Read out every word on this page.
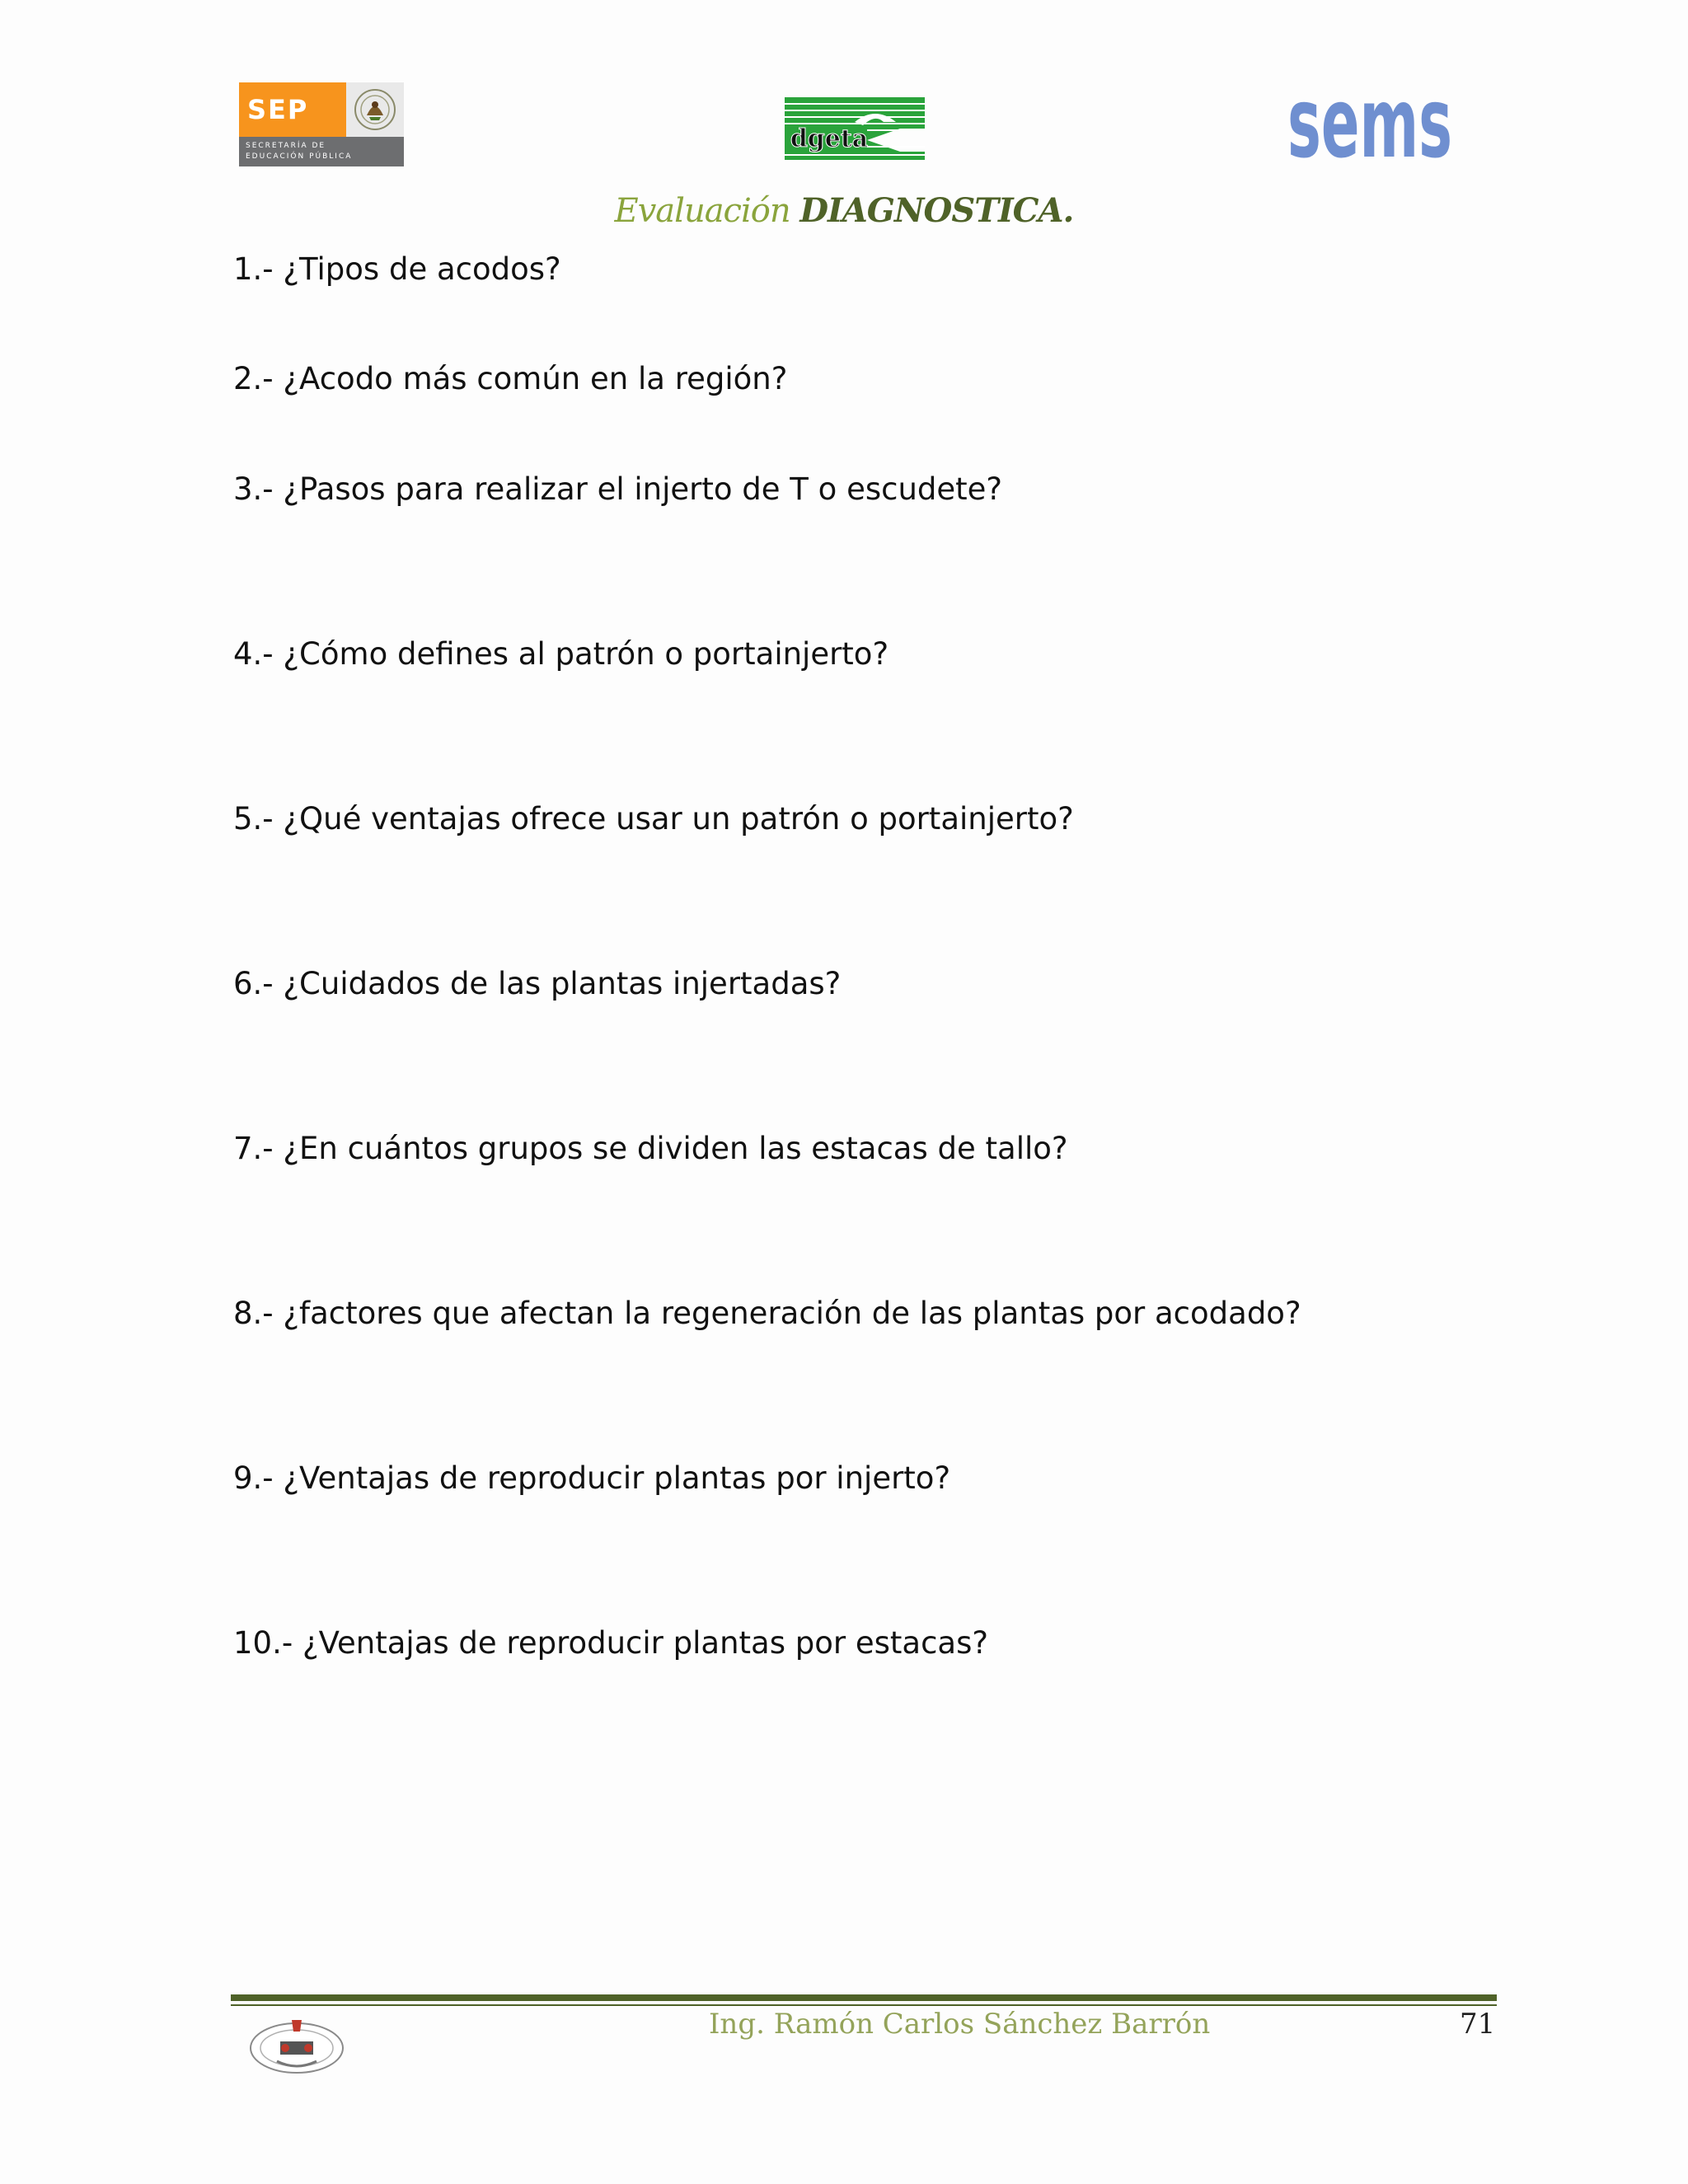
SEP
SECRETARÍA DE
EDUCACIÓN PÚBLICA
dgeta	sems
Evaluación DIAGNOSTICA.

1.- ¿Tipos de acodos?

2.- ¿Acodo más común en la región?

3.- ¿Pasos para realizar el injerto de T o escudete?

4.- ¿Cómo defines al patrón o portainjerto?

5.- ¿Qué ventajas ofrece usar un patrón o portainjerto?

6.- ¿Cuidados de las plantas injertadas?

7.- ¿En cuántos grupos se dividen las estacas de tallo?

8.- ¿factores que afectan la regeneración de las plantas por acodado?

9.- ¿Ventajas de reproducir plantas por injerto?

10.- ¿Ventajas de reproducir plantas por estacas?

Ing. Ramón Carlos Sánchez Barrón	71
